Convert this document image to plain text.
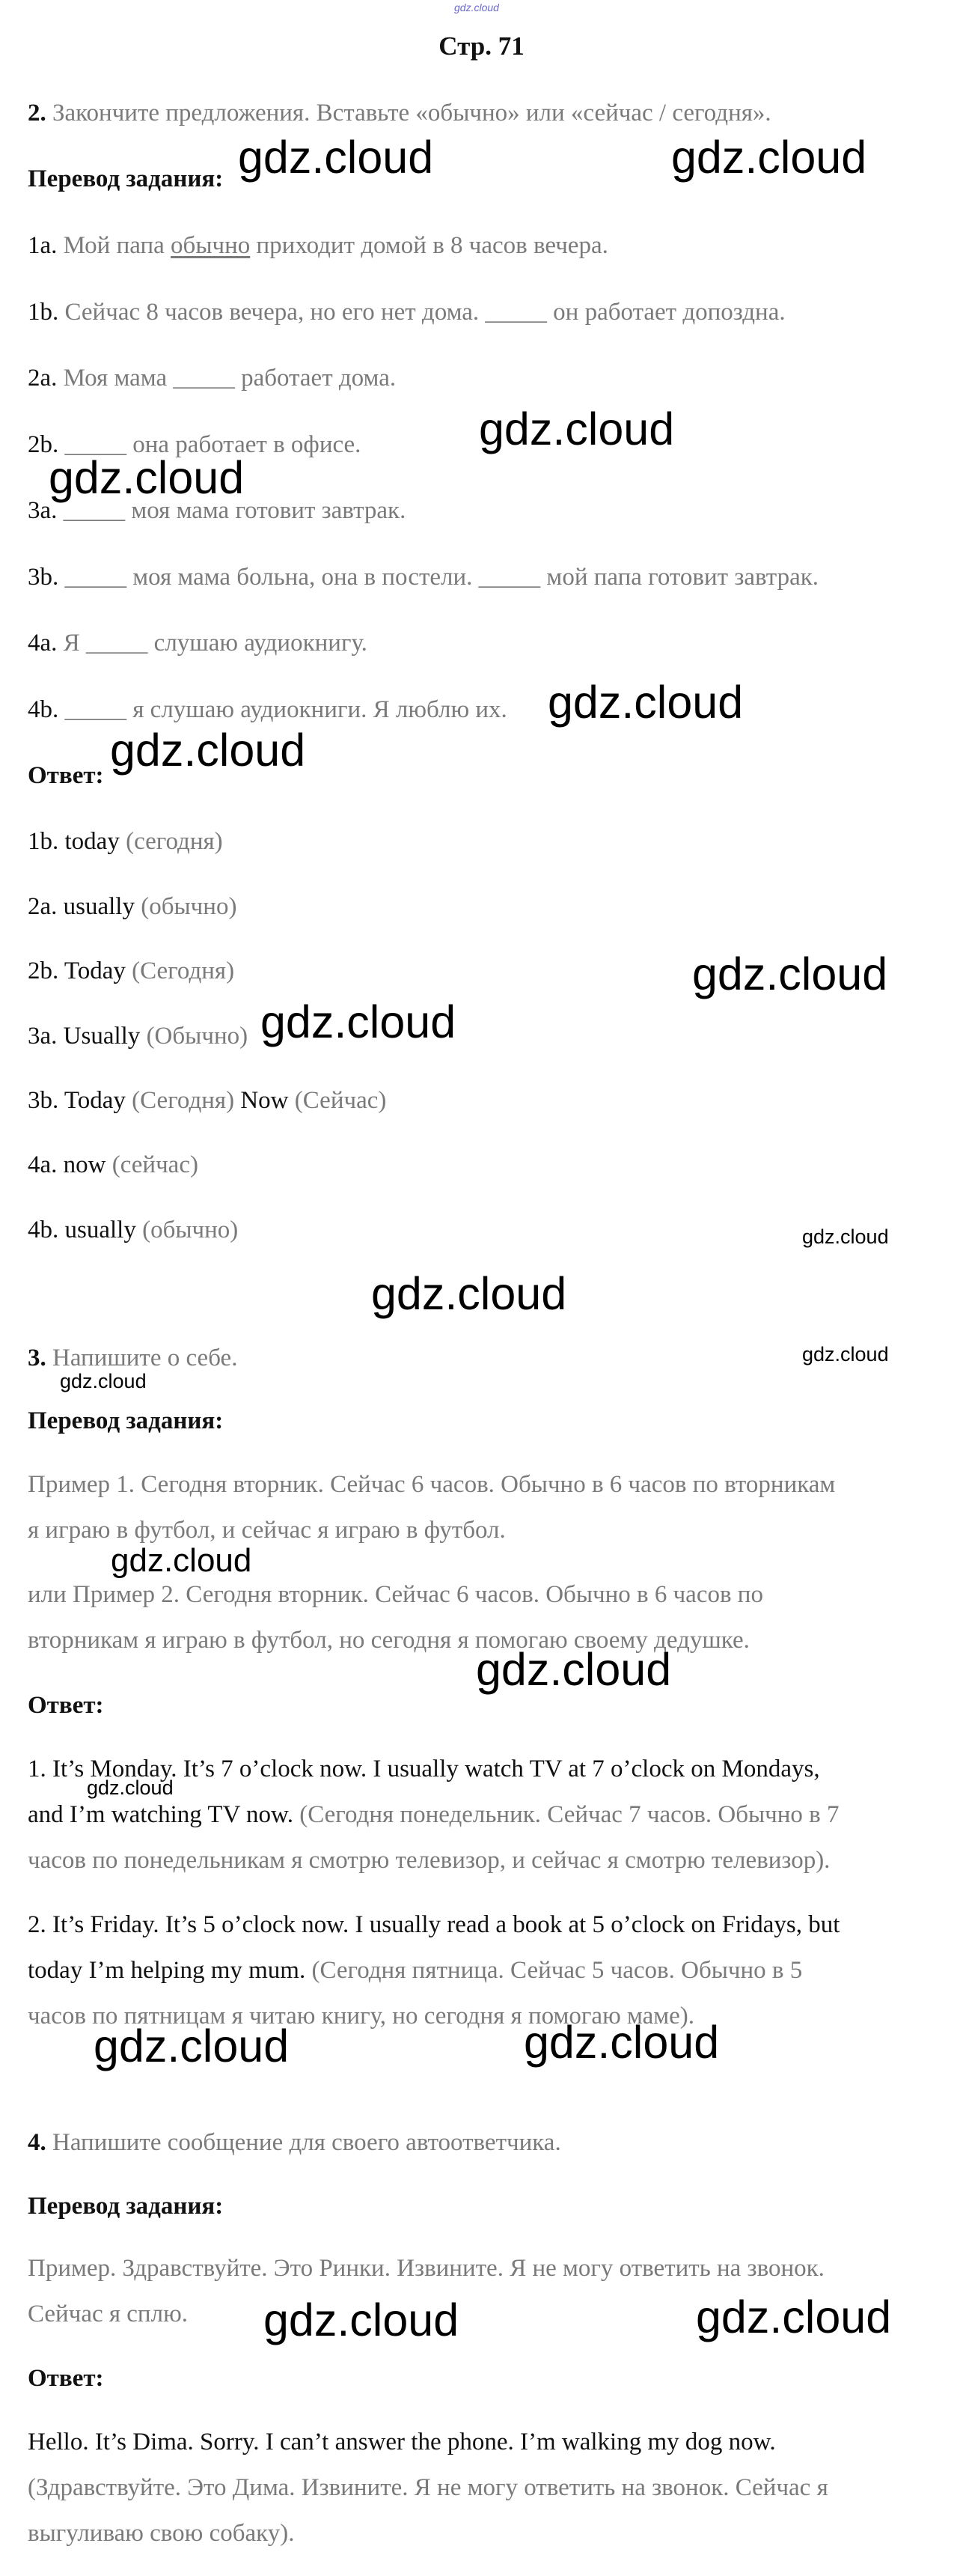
gdz.cloud
Стр. 71
2. Закончите предложения. Вставьте «обычно» или «сейчас / сегодня».
Перевод задания:
1a. Мой папа обычно приходит домой в 8 часов вечера.
1b. Сейчас 8 часов вечера, но его нет дома. _____ он работает допоздна.
2a. Моя мама _____ работает дома.
2b. _____ она работает в офисе.
3a. _____ моя мама готовит завтрак.
3b. _____ моя мама больна, она в постели. _____ мой папа готовит завтрак.
4a. Я _____ слушаю аудиокнигу.
4b. _____ я слушаю аудиокниги. Я люблю их.
Ответ:
1b. today (сегодня)
2a. usually (обычно)
2b. Today (Сегодня)
3a. Usually (Обычно)
3b. Today (Сегодня) Now (Сейчас)
4a. now (сейчас)
4b. usually (обычно)
3. Напишите о себе.
Перевод задания:
Пример 1. Сегодня вторник. Сейчас 6 часов. Обычно в 6 часов по вторникам
я играю в футбол, и сейчас я играю в футбол.
или Пример 2. Сегодня вторник. Сейчас 6 часов. Обычно в 6 часов по
вторникам я играю в футбол, но сегодня я помогаю своему дедушке.
Ответ:
1. It’s Monday. It’s 7 o’clock now. I usually watch TV at 7 o’clock on Mondays,
and I’m watching TV now. (Сегодня понедельник. Сейчас 7 часов. Обычно в 7
часов по понедельникам я смотрю телевизор, и сейчас я смотрю телевизор).
2. It’s Friday. It’s 5 o’clock now. I usually read a book at 5 o’clock on Fridays, but
today I’m helping my mum. (Сегодня пятница. Сейчас 5 часов. Обычно в 5
часов по пятницам я читаю книгу, но сегодня я помогаю маме).
4. Напишите сообщение для своего автоответчика.
Перевод задания:
Пример. Здравствуйте. Это Ринки. Извините. Я не могу ответить на звонок.
Сейчас я сплю.
Ответ:
Hello. It’s Dima. Sorry. I can’t answer the phone. I’m walking my dog now.
(Здравствуйте. Это Дима. Извините. Я не могу ответить на звонок. Сейчас я
выгуливаю свою собаку).
gdz.cloud	gdz.cloud
gdz.cloud
gdz.cloud
gdz.cloud
gdz.cloud
gdz.cloud
gdz.cloud
gdz.cloud
gdz.cloud
gdz.cloud
gdz.cloud
gdz.cloud
gdz.cloud
gdz.cloud
gdz.cloud	gdz.cloud
gdz.cloud	gdz.cloud
